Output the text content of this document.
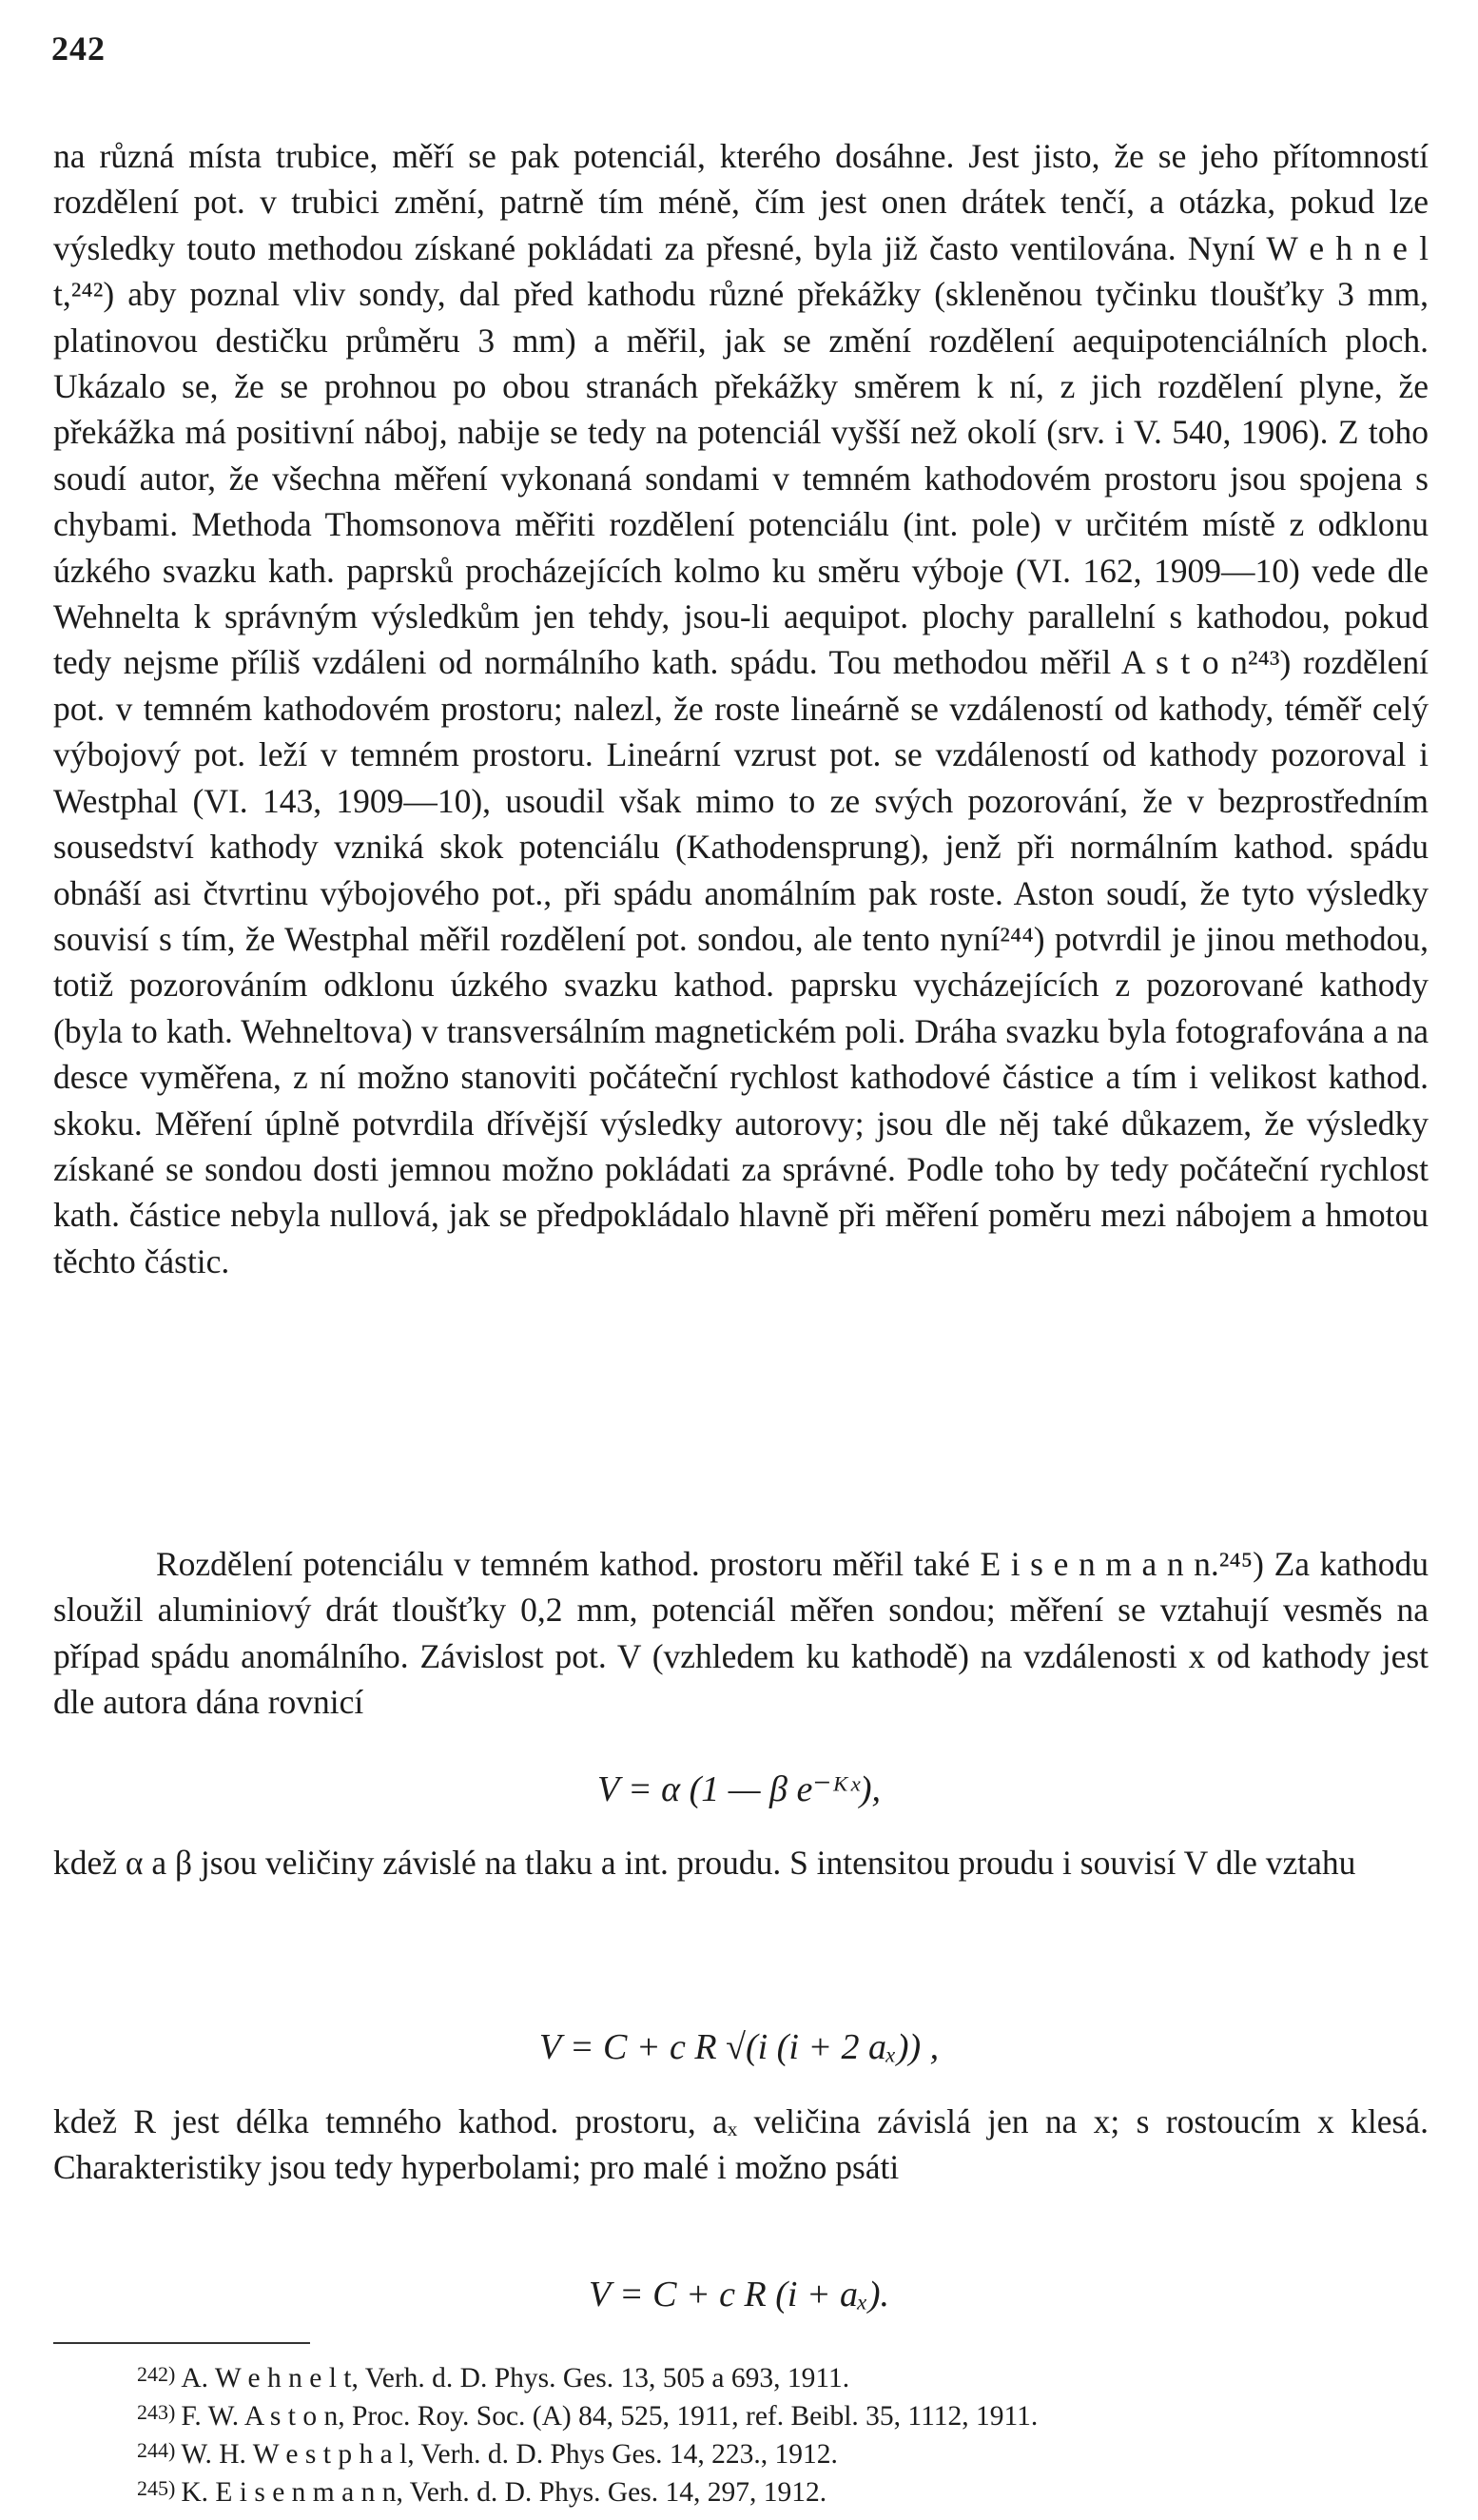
242

na různá místa trubice, měří se pak potenciál, kterého dosáhne. Jest jisto, že se jeho přítomností rozdělení pot. v trubici změní, patrně tím méně, čím jest onen drátek tenčí, a otázka, pokud lze výsledky touto methodou získané pokládati za přesné, byla již často ventilována. Nyní W e h n e l t,²⁴²) aby poznal vliv sondy, dal před kathodu různé překážky (skleněnou tyčinku tloušťky 3 mm, platinovou destičku průměru 3 mm) a měřil, jak se změní rozdělení aequipotenciálních ploch. Ukázalo se, že se prohnou po obou stranách překážky směrem k ní, z jich rozdělení plyne, že překážka má positivní náboj, nabije se tedy na potenciál vyšší než okolí (srv. i V. 540, 1906). Z toho soudí autor, že všechna měření vykonaná sondami v temném kathodovém prostoru jsou spojena s chybami. Methoda Thomsonova měřiti rozdělení potenciálu (int. pole) v určitém místě z odklonu úzkého svazku kath. paprsků procházejících kolmo ku směru výboje (VI. 162, 1909—10) vede dle Wehnelta k správným výsledkům jen tehdy, jsou-li aequipot. plochy parallelní s kathodou, pokud tedy nejsme příliš vzdáleni od normálního kath. spádu. Tou methodou měřil A s t o n²⁴³) rozdělení pot. v temném kathodovém prostoru; nalezl, že roste lineárně se vzdáleností od kathody, téměř celý výbojový pot. leží v temném prostoru. Lineární vzrust pot. se vzdáleností od kathody pozoroval i Westphal (VI. 143, 1909—10), usoudil však mimo to ze svých pozorování, že v bezprostředním sousedství kathody vzniká skok potenciálu (Kathodensprung), jenž při normálním kathod. spádu obnáší asi čtvrtinu výbojového pot., při spádu anomálním pak roste. Aston soudí, že tyto výsledky souvisí s tím, že Westphal měřil rozdělení pot. sondou, ale tento nyní²⁴⁴) potvrdil je jinou methodou, totiž pozorováním odklonu úzkého svazku kathod. paprsku vycházejících z pozorované kathody (byla to kath. Wehneltova) v transversálním magnetickém poli. Dráha svazku byla fotografována a na desce vyměřena, z ní možno stanoviti počáteční rychlost kathodové částice a tím i velikost kathod. skoku. Měření úplně potvrdila dřívější výsledky autorovy; jsou dle něj také důkazem, že výsledky získané se sondou dosti jemnou možno pokládati za správné. Podle toho by tedy počáteční rychlost kath. částice nebyla nullová, jak se předpokládalo hlavně při měření poměru mezi nábojem a hmotou těchto částic.

Rozdělení potenciálu v temném kathod. prostoru měřil také E i s e n m a n n.²⁴⁵) Za kathodu sloužil aluminiový drát tloušťky 0,2 mm, potenciál měřen sondou; měření se vztahují vesměs na případ spádu anomálního. Závislost pot. V (vzhledem ku kathodě) na vzdálenosti x od kathody jest dle autora dána rovnicí

V = α (1 — β e⁻ᴷˣ),

kdež α a β jsou veličiny závislé na tlaku a int. proudu. S intensitou proudu i souvisí V dle vztahu

V = C + c R √(i (i + 2 aₓ)) ,

kdež R jest délka temného kathod. prostoru, aₓ veličina závislá jen na x; s rostoucím x klesá. Charakteristiky jsou tedy hyperbolami; pro malé i možno psáti

V = C + c R (i + aₓ).
242) A. W e h n e l t, Verh. d. D. Phys. Ges. 13, 505 a 693, 1911.
243) F. W. A s t o n, Proc. Roy. Soc. (A) 84, 525, 1911, ref. Beibl. 35, 1112, 1911.
244) W. H. W e s t p h a l, Verh. d. D. Phys Ges. 14, 223., 1912.
245) K. E i s e n m a n n, Verh. d. D. Phys. Ges. 14, 297, 1912.
